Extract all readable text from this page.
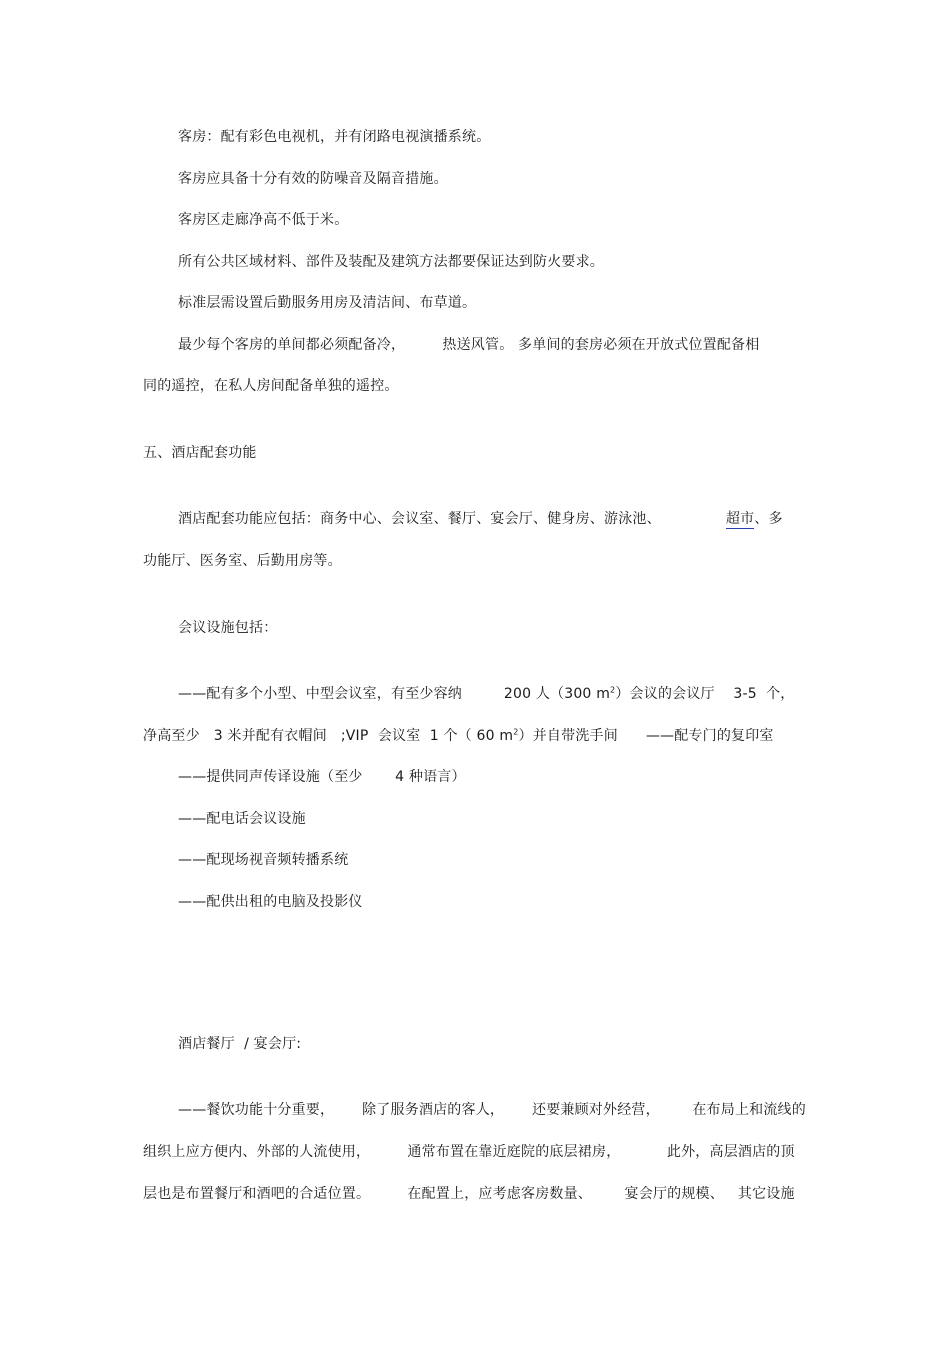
客房：配有彩色电视机，并有闭路电视演播系统。
客房应具备十分有效的防噪音及隔音措施。
客房区走廊净高不低于米。
所有公共区域材料、部件及装配及建筑方法都要保证达到防火要求。
标准层需设置后勤服务用房及清洁间、布草道。
最少每个客房的单间都必须配备冷，        热送风管。 多单间的套房必须在开放式位置配备相
同的遥控，在私人房间配备单独的遥控。
五、酒店配套功能
酒店配套功能应包括：商务中心、会议室、餐厅、宴会厅、健身房、游泳池、              超市、多
功能厅、医务室、后勤用房等。
会议设施包括：
——配有多个小型、中型会议室，有至少容纳         200 人（300 $m^2$）会议的会议厅    3-5  个，
净高至少   3 米并配有衣帽间   ;VIP  会议室  1 个（ 60 $m^2$）并自带洗手间      ——配专门的复印室
——提供同声传译设施（至少       4 种语言）
——配电话会议设施
——配现场视音频转播系统
——配供出租的电脑及投影仪
酒店餐厅  / 宴会厅:
——餐饮功能十分重要，      除了服务酒店的客人，      还要兼顾对外经营，       在布局上和流线的
组织上应方便内、外部的人流使用，        通常布置在靠近庭院的底层裙房，          此外，高层酒店的顶
层也是布置餐厅和酒吧的合适位置。        在配置上，应考虑客房数量、       宴会厅的规模、   其它设施
